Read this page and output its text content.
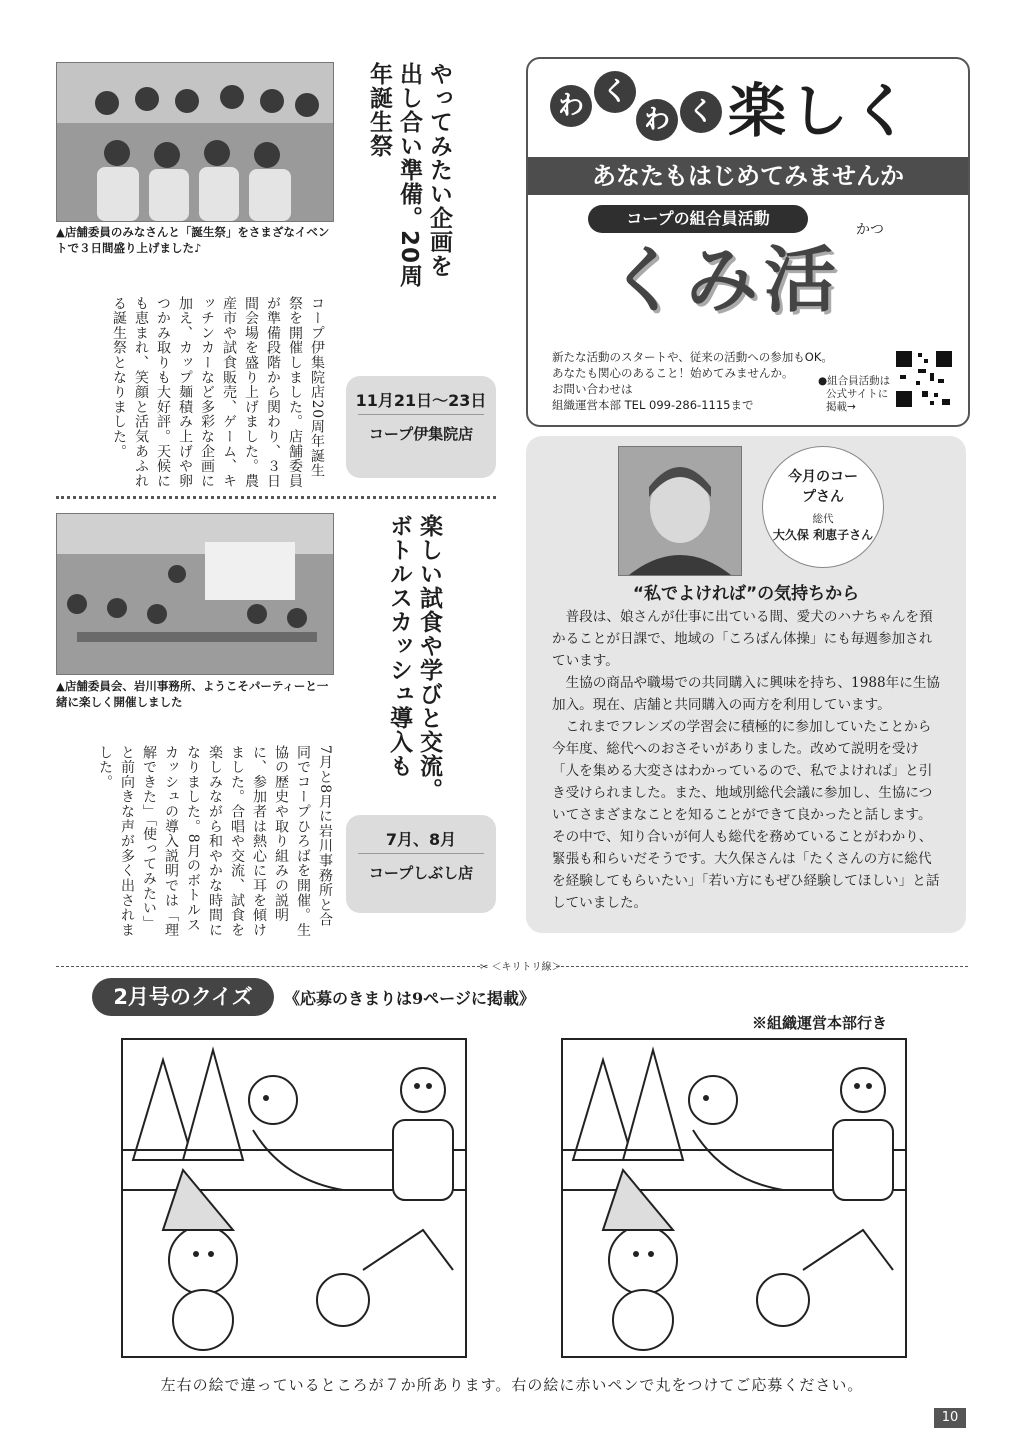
▲店舗委員のみなさんと「誕生祭」をさまざなイベントで３日間盛り上げました♪	やってみたい企画を出し合い準備。20周年誕生祭
11月21日～23日
コープ伊集院店
コープ伊集院店20周年誕生祭を開催しました。店舗委員が準備段階から関わり、３日間会場を盛り上げました。農産市や試食販売、ゲーム、キッチンカーなど多彩な企画に加え、カップ麺積み上げや卵つかみ取りも大好評。天候にも恵まれ、笑顔と活気あふれる誕生祭となりました。
▲店舗委員会、岩川事務所、ようこそパーティーと一緒に楽しく開催しました	楽しい試食や学びと交流。ボトルスカッシュ導入も
7月、8月
コープしぶし店
7月と8月に岩川事務所と合同でコープひろばを開催。生協の歴史や取り組みの説明に、参加者は熱心に耳を傾けました。合唱や交流、試食を楽しみながら和やかな時間になりました。8月のボトルスカッシュの導入説明では「理解できた」「使ってみたい」と前向きな声が多く出されました。
わ く
わ く 楽しく
あなたもはじめてみませんか
コープの組合員活動
かつ
くみ活
新たな活動のスタートや、従来の活動への参加もOK。
あなたも関心のあること！始めてみませんか。
お問い合わせは
組織運営本部 TEL 099-286-1115まで
●組合員活動は
公式サイトに
掲載→
今月のコープさん
総代
大久保 利恵子さん
“私でよければ”の気持ちから
普段は、娘さんが仕事に出ている間、愛犬のハナちゃんを預かることが日課で、地域の「ころばん体操」にも毎週参加されています。
生協の商品や職場での共同購入に興味を持ち、1988年に生協加入。現在、店舗と共同購入の両方を利用しています。
これまでフレンズの学習会に積極的に参加していたことから今年度、総代へのおさそいがありました。改めて説明を受け「人を集める大変さはわかっているので、私でよければ」と引き受けられました。また、地域別総代会議に参加し、生協についてさまざまなことを知ることができて良かったと話します。その中で、知り合いが何人も総代を務めていることがわかり、緊張も和らいだそうです。大久保さんは「たくさんの方に総代を経験してもらいたい」「若い方にもぜひ経験してほしい」と話していました。
✂ ＜キリトリ線＞
2月号のクイズ	《応募のきまりは9ページに掲載》
※組織運営本部行き
左右の絵で違っているところが７か所あります。右の絵に赤いペンで丸をつけてご応募ください。
10
